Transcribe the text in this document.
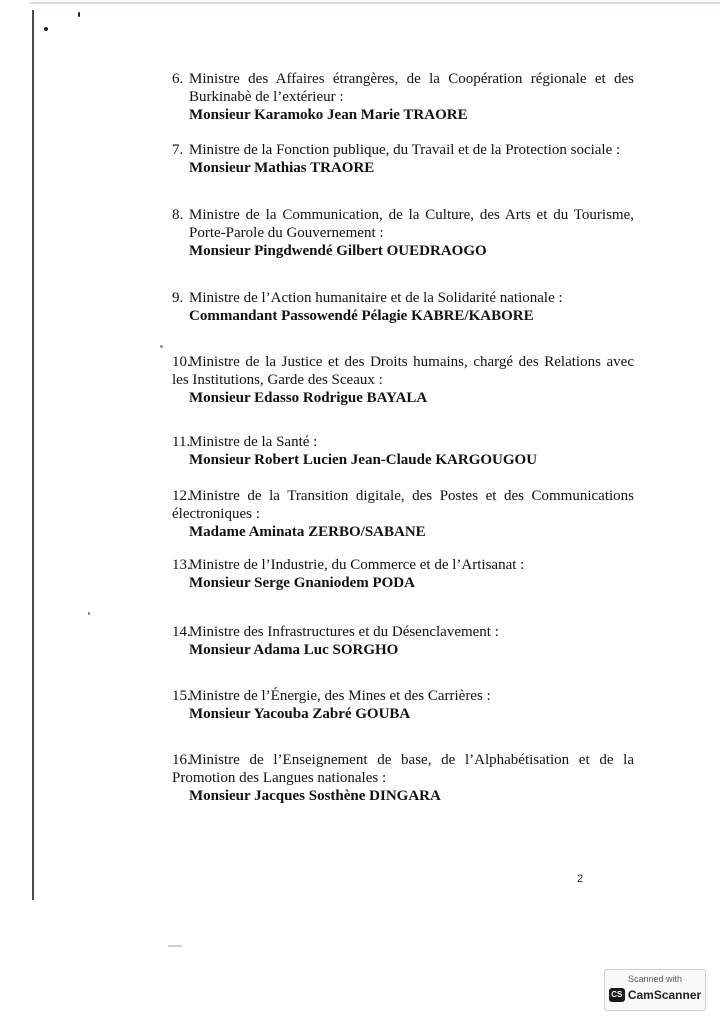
6. Ministre des Affaires étrangères, de la Coopération régionale et des Burkinabè de l’extérieur :
Monsieur Karamoko Jean Marie TRAORE
7. Ministre de la Fonction publique, du Travail et de la Protection sociale :
Monsieur Mathias TRAORE
8. Ministre de la Communication, de la Culture, des Arts et du Tourisme, Porte-Parole du Gouvernement :
Monsieur Pingdwendé Gilbert OUEDRAOGO
9. Ministre de l’Action humanitaire et de la Solidarité nationale :
Commandant Passowendé Pélagie KABRE/KABORE
10.
Ministre de la Justice et des Droits humains, chargé des Relations avec les Institutions, Garde des Sceaux :
Monsieur Edasso Rodrigue BAYALA
11.
Ministre de la Santé :
Monsieur Robert Lucien Jean-Claude KARGOUGOU
12.
Ministre de la Transition digitale, des Postes et des Communications électroniques :
Madame Aminata ZERBO/SABANE
13.
Ministre de l’Industrie, du Commerce et de l’Artisanat :
Monsieur Serge Gnaniodem PODA
14.
Ministre des Infrastructures et du Désenclavement :
Monsieur Adama Luc SORGHO
15.
Ministre de l’Énergie, des Mines et des Carrières :
Monsieur Yacouba Zabré GOUBA
16.
Ministre de l’Enseignement de base, de l’Alphabétisation et de la Promotion des Langues nationales :
Monsieur Jacques Sosthène DINGARA
2
Scanned with
CS CamScanner
